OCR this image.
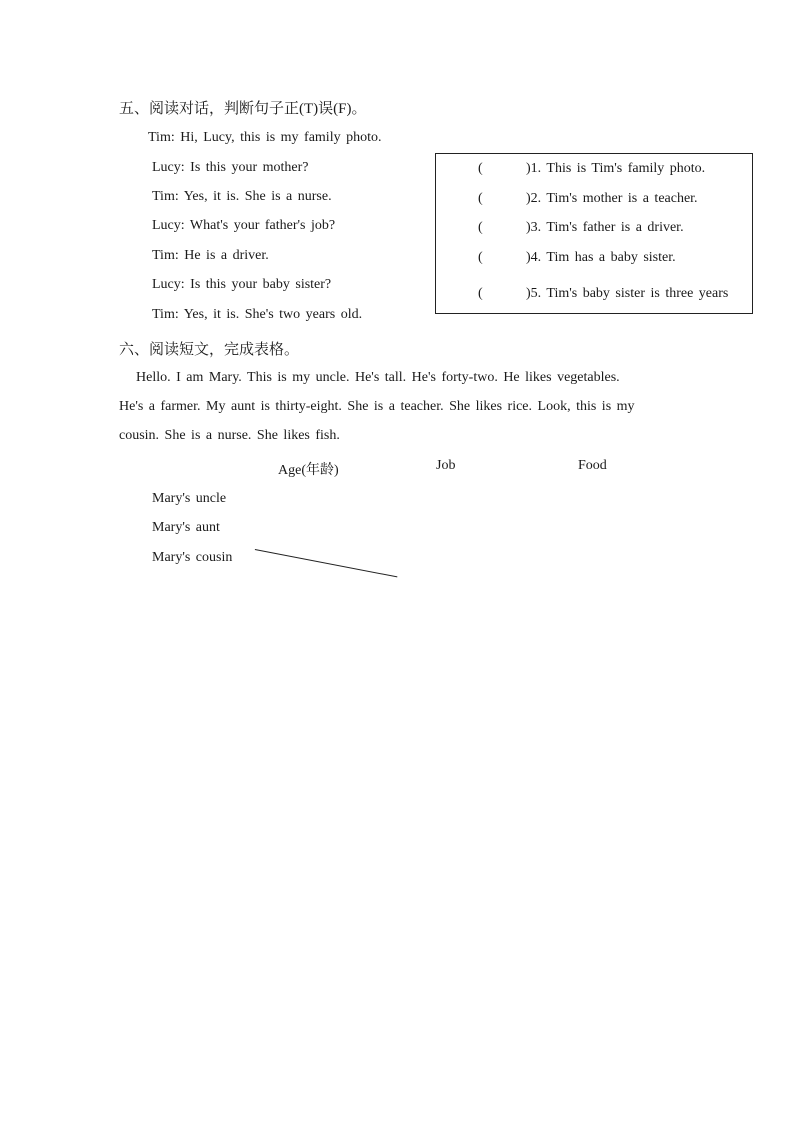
五、阅读对话，判断句子正(T)误(F)。
Tim: Hi, Lucy, this is my family photo.
Lucy: Is this your mother?
Tim: Yes, it is. She is a nurse.
Lucy: What's your father's job?
Tim: He is a driver.
Lucy: Is this your baby sister?
Tim: Yes, it is. She's two years old.
(	)1. This is Tim's family photo.
(	)2. Tim's mother is a teacher.
(	)3. Tim's father is a driver.
(	)4. Tim has a baby sister.
(	)5. Tim's baby sister is three years
六、阅读短文，完成表格。
Hello. I am Mary. This is my uncle. He's tall. He's forty-two. He likes vegetables.
He's a farmer. My aunt is thirty-eight. She is a teacher. She likes rice. Look, this is my
cousin. She is a nurse. She likes fish.
Age(年龄)	Job	Food
Mary's uncle
Mary's aunt
Mary's cousin
